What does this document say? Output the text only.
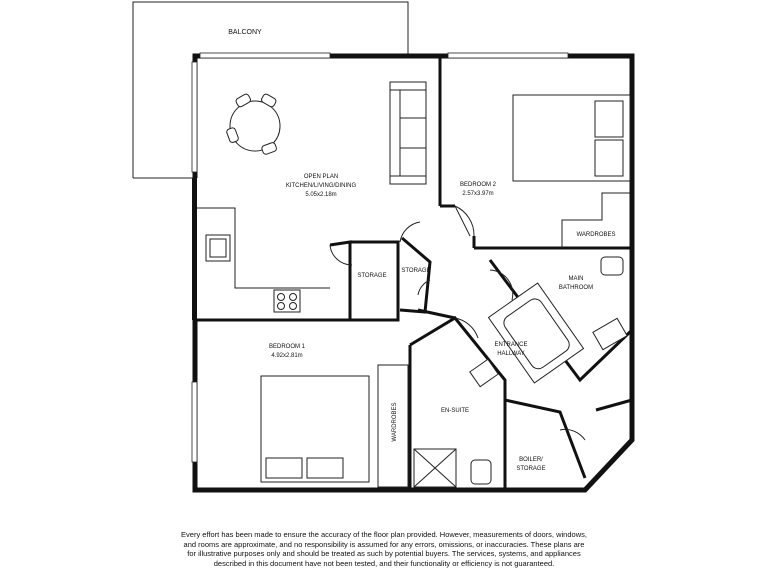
BALCONY
OPEN PLAN
KITCHEN/LIVING/DINING
5.05x2.18m
BEDROOM 2
2.57x3.97m
WARDROBES
STORAGE
STORAGE
MAIN
BATHROOM
ENTRANCE
HALLWAY
BEDROOM 1
4.92x2.81m
WARDROBES	EN-SUITE
BOILER/
STORAGE
Every effort has been made to ensure the accuracy of the floor plan provided. However, measurements of doors, windows, and rooms are approximate, and no responsibility is assumed for any errors, omissions, or inaccuracies. These plans are for illustrative purposes only and should be treated as such by potential buyers. The services, systems, and appliances described in this document have not been tested, and their functionality or efficiency is not guaranteed.
